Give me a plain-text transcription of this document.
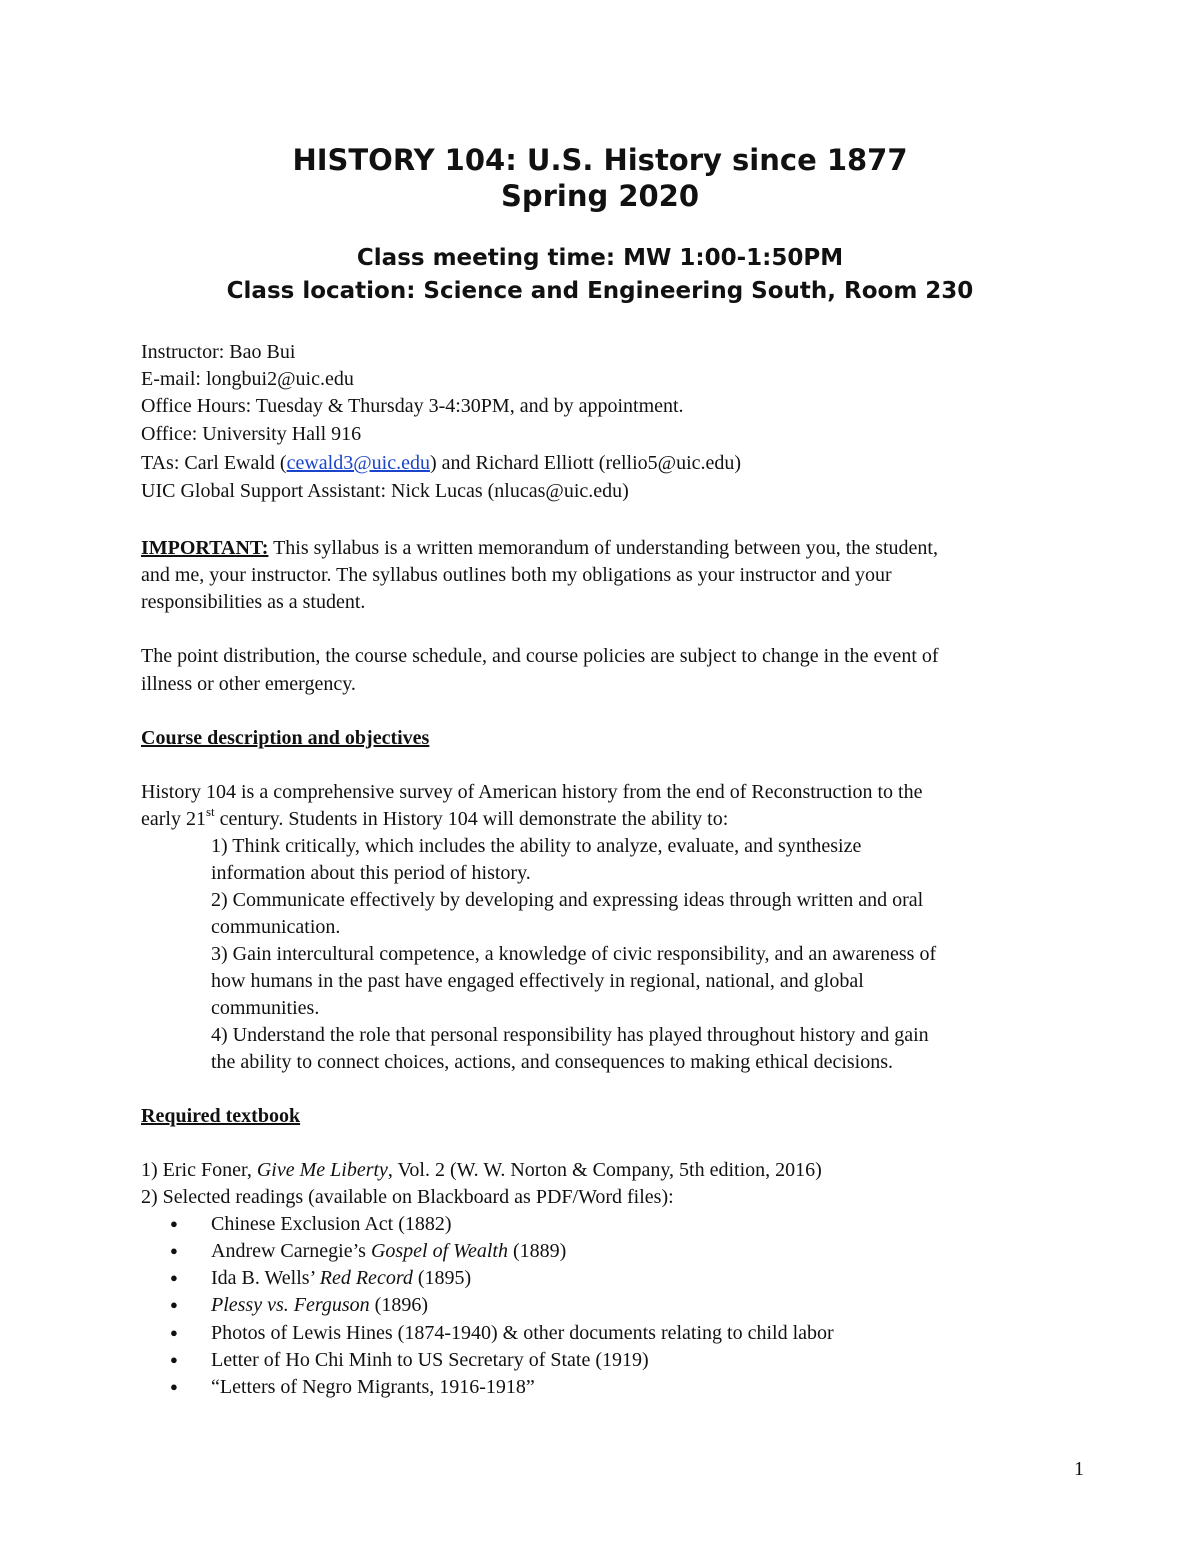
HISTORY 104: U.S. History since 1877
Spring 2020
Class meeting time: MW 1:00-1:50PM
Class location: Science and Engineering South, Room 230
Instructor: Bao Bui
E-mail: longbui2@uic.edu
Office Hours: Tuesday & Thursday 3-4:30PM, and by appointment.
Office: University Hall 916
TAs: Carl Ewald (cewald3@uic.edu) and Richard Elliott (rellio5@uic.edu)
UIC Global Support Assistant: Nick Lucas (nlucas@uic.edu)
IMPORTANT: This syllabus is a written memorandum of understanding between you, the student,
and me, your instructor. The syllabus outlines both my obligations as your instructor and your
responsibilities as a student.
The point distribution, the course schedule, and course policies are subject to change in the event of
illness or other emergency.
Course description and objectives
History 104 is a comprehensive survey of American history from the end of Reconstruction to the
early 21st century. Students in History 104 will demonstrate the ability to:
1) Think critically, which includes the ability to analyze, evaluate, and synthesize
information about this period of history.
2) Communicate effectively by developing and expressing ideas through written and oral
communication.
3) Gain intercultural competence, a knowledge of civic responsibility, and an awareness of
how humans in the past have engaged effectively in regional, national, and global
communities.
4) Understand the role that personal responsibility has played throughout history and gain
the ability to connect choices, actions, and consequences to making ethical decisions.
Required textbook
1) Eric Foner, Give Me Liberty, Vol. 2 (W. W. Norton & Company, 5th edition, 2016)
2) Selected readings (available on Blackboard as PDF/Word files):
●
Chinese Exclusion Act (1882)
●
Andrew Carnegie’s Gospel of Wealth (1889)
●
Ida B. Wells’ Red Record (1895)
●
Plessy vs. Ferguson (1896)
●
Photos of Lewis Hines (1874-1940) & other documents relating to child labor
●
Letter of Ho Chi Minh to US Secretary of State (1919)
●
“Letters of Negro Migrants, 1916-1918”
1
